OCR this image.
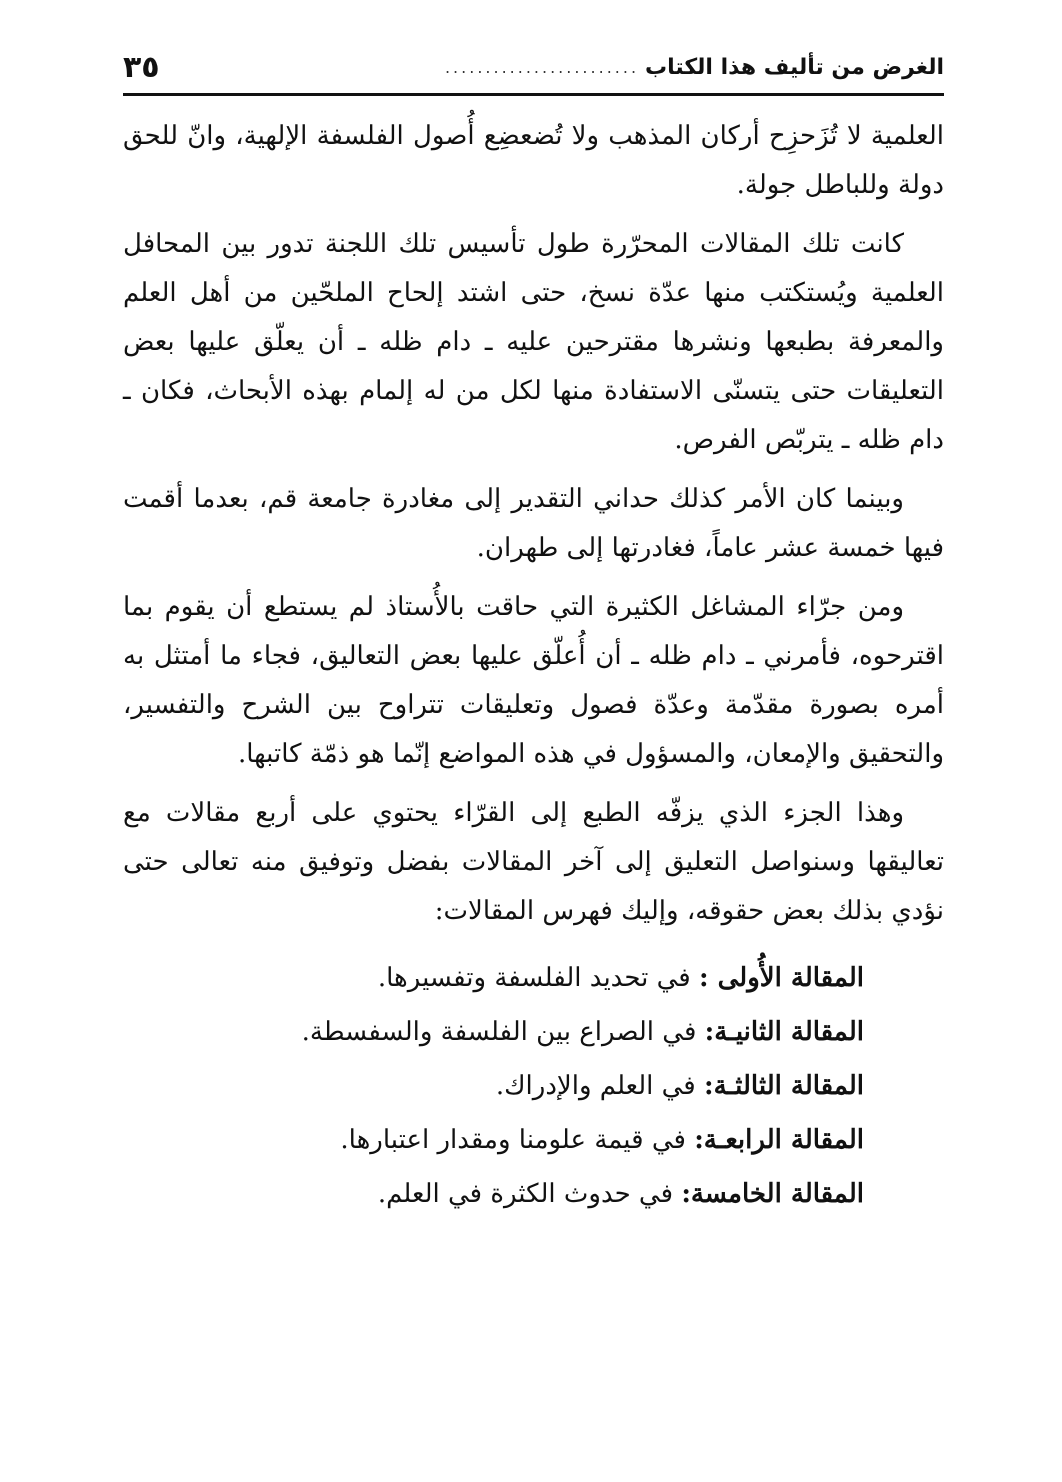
الغرض من تأليف هذا الكتاب
........................
٣٥

العلمية لا تُزَحزِح أركان المذهب ولا تُضعضِع أُصول الفلسفة الإلهية، وانّ للحق دولة وللباطل جولة.

كانت تلك المقالات المحرّرة طول تأسيس تلك اللجنة تدور بين المحافل العلمية ويُستكتب منها عدّة نسخ، حتى اشتد إلحاح الملحّين من أهل العلم والمعرفة بطبعها ونشرها مقترحين عليه ـ دام ظله ـ أن يعلّق عليها بعض التعليقات حتى يتسنّى الاستفادة منها لكل من له إلمام بهذه الأبحاث، فكان ـ دام ظله ـ يتربّص الفرص.

وبينما كان الأمر كذلك حداني التقدير إلى مغادرة جامعة قم، بعدما أقمت فيها خمسة عشر عاماً، فغادرتها إلى طهران.

ومن جرّاء المشاغل الكثيرة التي حاقت بالأُستاذ لم يستطع أن يقوم بما اقترحوه، فأمرني ـ دام ظله ـ أن أُعلّق عليها بعض التعاليق، فجاء ما أمتثل به أمره بصورة مقدّمة وعدّة فصول وتعليقات تتراوح بين الشرح والتفسير، والتحقيق والإمعان، والمسؤول في هذه المواضع إنّما هو ذمّة كاتبها.

وهذا الجزء الذي يزفّه الطبع إلى القرّاء يحتوي على أربع مقالات مع تعاليقها وسنواصل التعليق إلى آخر المقالات بفضل وتوفيق منه تعالى حتى نؤدي بذلك بعض حقوقه، وإليك فهرس المقالات:

المقالة الأُولى : في تحديد الفلسفة وتفسيرها.
المقالة الثانيـة: في الصراع بين الفلسفة والسفسطة.
المقالة الثالثـة: في العلم والإدراك.
المقالة الرابعـة: في قيمة علومنا ومقدار اعتبارها.
المقالة الخامسة: في حدوث الكثرة في العلم.
